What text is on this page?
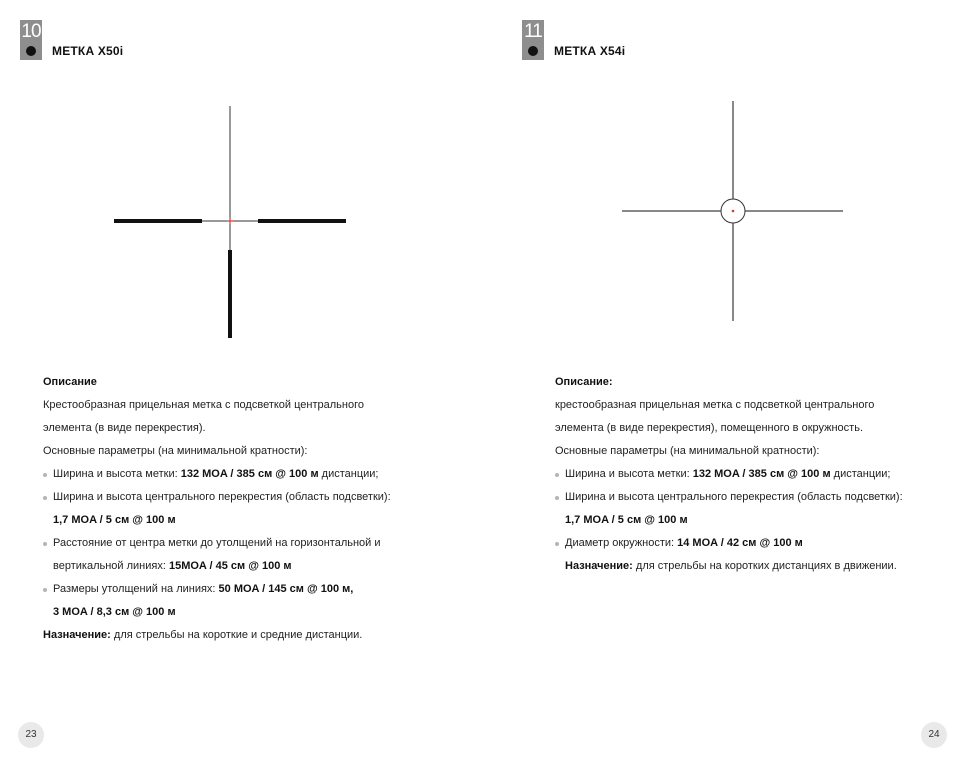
10
МЕТКА X50i
Описание
Крестообразная прицельная метка с подсветкой центрального
элемента (в виде перекрестия).
Основные параметры (на минимальной кратности):
Ширина и высота метки: 132 MOA / 385 см @ 100 м дистанции;
Ширина и высота центрального перекрестия (область подсветки):
1,7 MOA / 5 см @ 100 м
Расстояние от центра метки до утолщений на горизонтальной и
вертикальной линиях: 15MOA / 45 см @ 100 м
Размеры утолщений на линиях: 50 MOA / 145 см @ 100 м,
3 MOA / 8,3 см @ 100 м
Назначение: для стрельбы на короткие и средние дистанции.
23
11
МЕТКА X54i
Описание:
крестообразная прицельная метка с подсветкой центрального
элемента (в виде перекрестия), помещенного в окружность.
Основные параметры (на минимальной кратности):
Ширина и высота метки: 132 MOA / 385 см @ 100 м дистанции;
Ширина и высота центрального перекрестия (область подсветки):
1,7 MOA / 5 см @ 100 м
Диаметр окружности: 14 MOA / 42 см @ 100 м
Назначение: для стрельбы на коротких дистанциях в движении.
24
